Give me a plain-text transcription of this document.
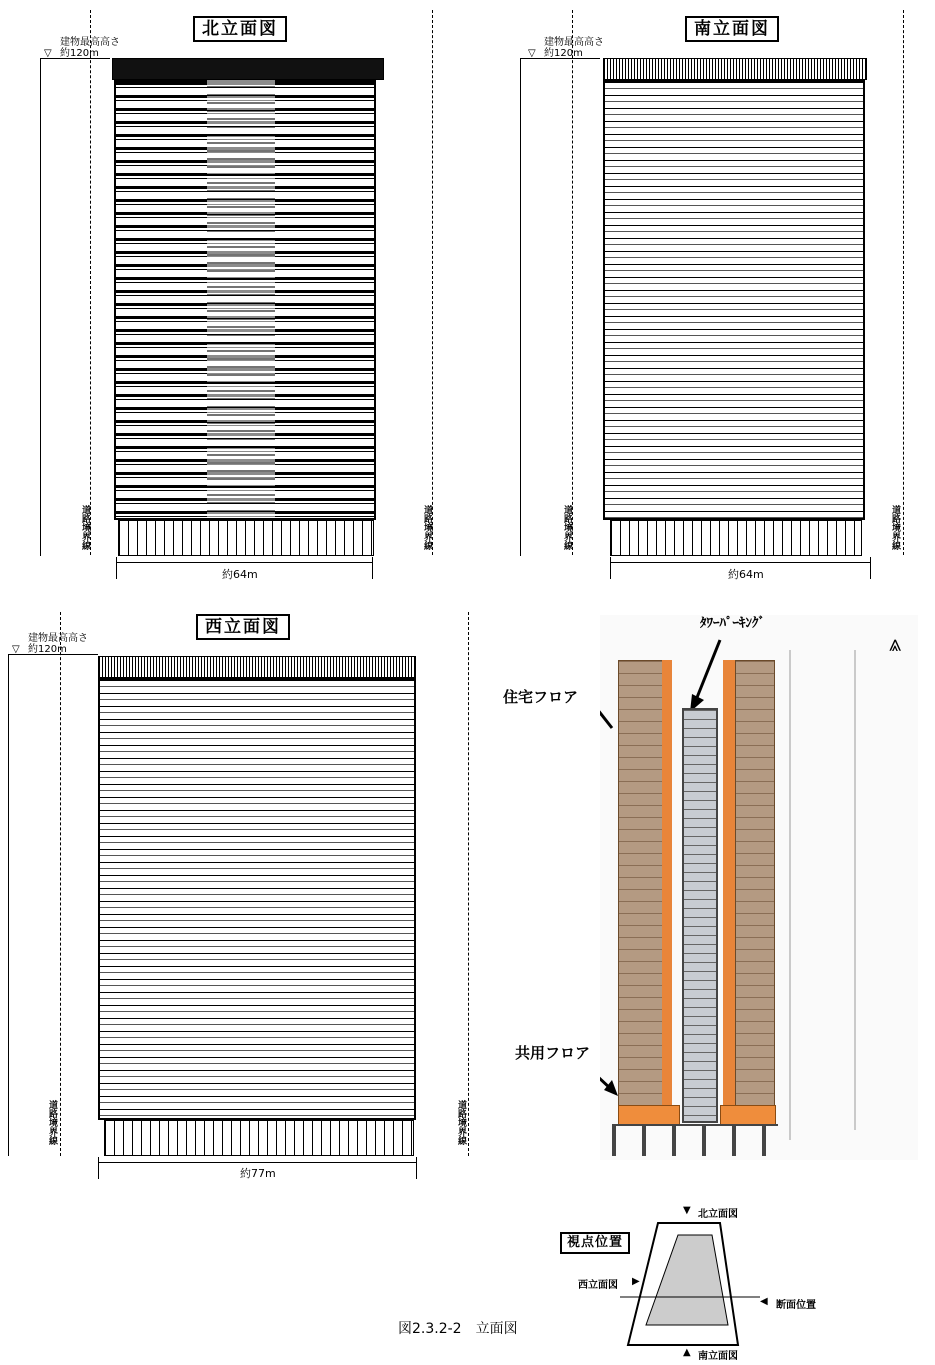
北立面図
建物最高高さ
▽ 約120m
道路境界線	道路境界線
約64m
南立面図
建物最高高さ
▽ 約120m
道路境界線	道路境界線
約64m
西立面図
建物最高高さ
▽ 約120m
道路境界線	道路境界線
約77m
ﾀﾜｰﾊﾟｰｷﾝｸﾞ
⩓
住宅フロア
共用フロア
視点位置
▼ 北立面図
西立面図 ▶
◀ 断面位置
▲ 南立面図
図2.3.2-2　立面図
